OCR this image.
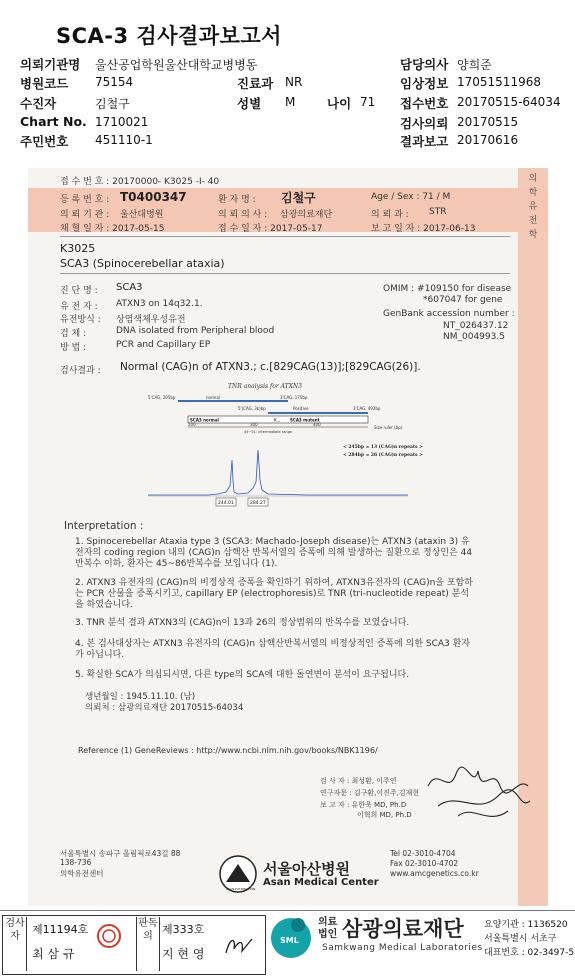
SCA-3 검사결과보고서
의뢰기관명 울산공업학원울산대학교병병동
병원코드 75154
수진자	김철구
Chart No. 1710021
주민번호 451110-1
진료과 NR
성별 M	나이 71
담당의사 양희준
임상정보 17051511968
접수번호 20170515-64034
검사의뢰 20170515
결과보고 20170616
접 수 번 호 : 20170000- K3025 -I- 40
등 록 번 호 : T0400347	환 자 명 : 김철구	Age / Sex : 71 / M
의 뢰 기 관 : 울산대병원	의 뢰 의 사 : 삼광의료재단	의 뢰 과 : STR
채 혈 일 자 : 2017-05-15	접 수 일 자 : 2017-05-17	보 고 일 자 : 2017-06-13
의학유전학
K3025
SCA3 (Spinocerebellar ataxia)
진 단 명 : SCA3
유 전 자 : ATXN3 on 14q32.1.
유전방식 : 상염색체우성유전
검 체 :	DNA isolated from Peripheral blood
방 법 :	PCR and Capillary EP
OMIM : #109150 for disease
*607047 for gene
GenBank accession number :
NT_026437.12
NM_004993.5
검사결과 : Normal (CAG)n of ATXN3.; c.[829CAG(13)];[829CAG(26)].
TNR analysis for ATXN3
5'CAG, 205bp	normal	3'CAG, 175bp
5'(CAG, 3k)bp	Positive	3'CAG, 492bp
SCA3 normal	K... SCA3 mutant
200	300	400
Size ruler (bp)
45~51: intermediate range
< 245bp = 13 (CAG)n repeats >
< 284bp = 26 (CAG)n repeats >
244.01	284.27
Interpretation :
1. Spinocerebellar Ataxia type 3 (SCA3: Machado-Joseph disease)는 ATXN3 (ataxin 3) 유전자의 coding region 내의 (CAG)n 삼핵산 반복서열의 증폭에 의해 발생하는 질환으로 정상인은 44반복수 이하, 환자는 45~86반복수를 보입니다 (1).
2. ATXN3 유전자의 (CAG)n의 비정상적 증폭을 확인하기 위하여, ATXN3유전자의 (CAG)n을 포함하는 PCR 산물을 증폭시키고, capillary EP (electrophoresis)로 TNR (tri-nucleotide repeat) 분석을 하였습니다.
3. TNR 분석 결과 ATXN3의 (CAG)n이 13과 26의 정상범위의 반복수를 보였습니다.
4. 본 검사대상자는 ATXN3 유전자의 (CAG)n 삼핵산반복서열의 비정상적인 증폭에 의한 SCA3 환자가 아닙니다.
5. 확실한 SCA가 의심되시면, 다른 type의 SCA에 대한 돌연변이 분석이 요구됩니다.
생년월일 : 1945.11.10. (남)
의뢰처 : 삼광의료재단 20170515-64034
Reference (1) GeneReviews : http://www.ncbi.nlm.nih.gov/books/NBK1196/
검 사 자 : 최성환, 이주연
연구자문 : 김구환,이진주,김재현
보 고 자 : 유한욱 MD, Ph.D
이혁희 MD, Ph.D
서울특별시 송파구 올림픽로43길 88
138-736
의학유전센터
ASAN FOUNDATION
서울아산병원
Asan Medical Center
Tel 02-3010-4704
Fax 02-3010-4702
www.amcgenetics.co.kr
검사자
제11194호
최 삼 규
판독의
제333호
지 현 영
SML
의료법인 삼광의료재단
Samkwang Medical Laboratories
요양기관 : 1136520
서울특별시 서초구
대표번호 : 02-3497-5
